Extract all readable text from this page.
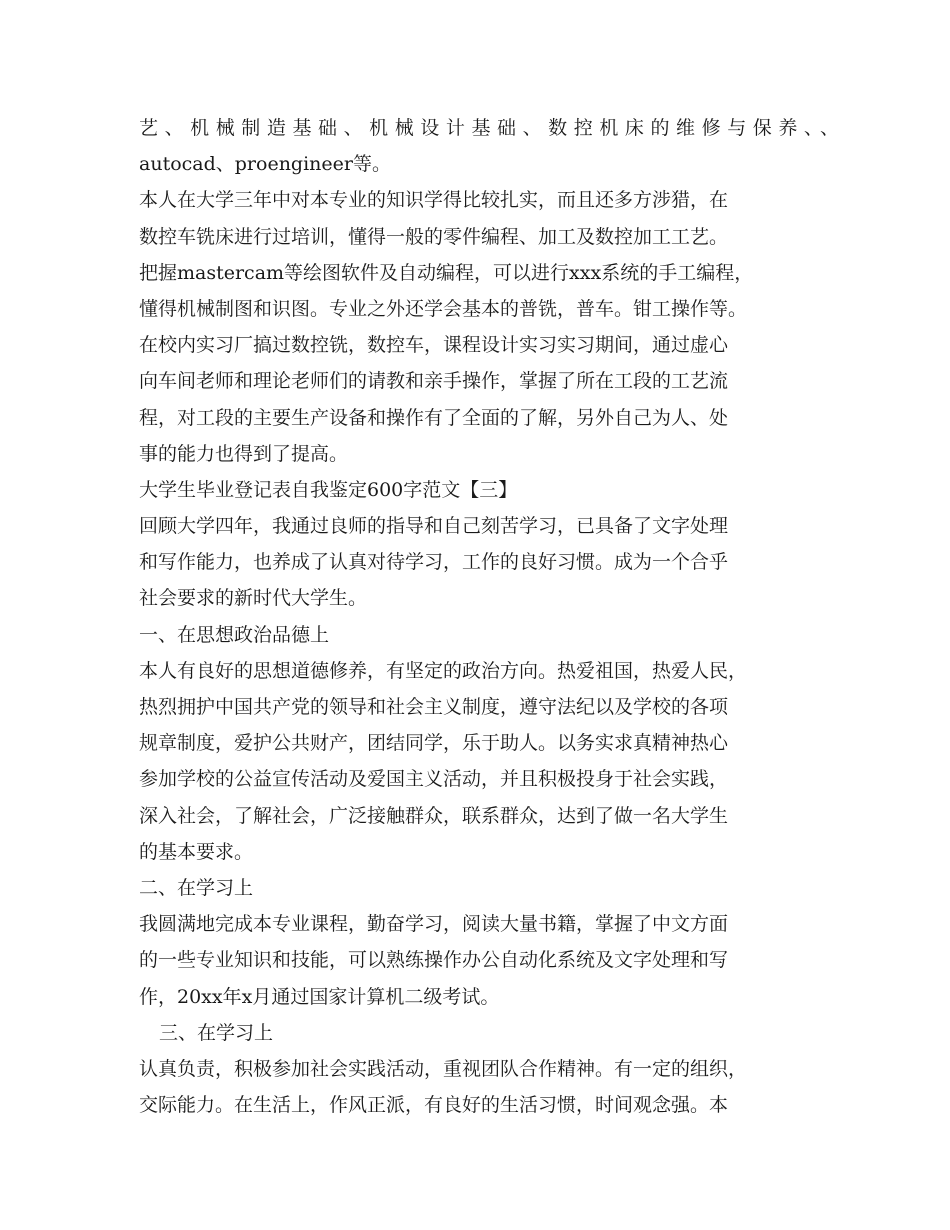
艺、机械制造基础、机械设计基础、数控机床的维修与保养、、
autocad、proengineer等。
本人在大学三年中对本专业的知识学得比较扎实，而且还多方涉猎，在
数控车铣床进行过培训，懂得一般的零件编程、加工及数控加工工艺。
把握mastercam等绘图软件及自动编程，可以进行xxx系统的手工编程，
懂得机械制图和识图。专业之外还学会基本的普铣，普车。钳工操作等。
在校内实习厂搞过数控铣，数控车，课程设计实习实习期间，通过虚心
向车间老师和理论老师们的请教和亲手操作，掌握了所在工段的工艺流
程，对工段的主要生产设备和操作有了全面的了解，另外自己为人、处
事的能力也得到了提高。
大学生毕业登记表自我鉴定600字范文【三】
回顾大学四年，我通过良师的指导和自己刻苦学习，已具备了文字处理
和写作能力，也养成了认真对待学习，工作的良好习惯。成为一个合乎
社会要求的新时代大学生。
一、在思想政治品德上
本人有良好的思想道德修养，有坚定的政治方向。热爱祖国，热爱人民，
热烈拥护中国共产党的领导和社会主义制度，遵守法纪以及学校的各项
规章制度，爱护公共财产，团结同学，乐于助人。以务实求真精神热心
参加学校的公益宣传活动及爱国主义活动，并且积极投身于社会实践，
深入社会，了解社会，广泛接触群众，联系群众，达到了做一名大学生
的基本要求。
二、在学习上
我圆满地完成本专业课程，勤奋学习，阅读大量书籍，掌握了中文方面
的一些专业知识和技能，可以熟练操作办公自动化系统及文字处理和写
作，20xx年x月通过国家计算机二级考试。
三、在学习上
认真负责，积极参加社会实践活动，重视团队合作精神。有一定的组织，
交际能力。在生活上，作风正派，有良好的生活习惯，时间观念强。本
